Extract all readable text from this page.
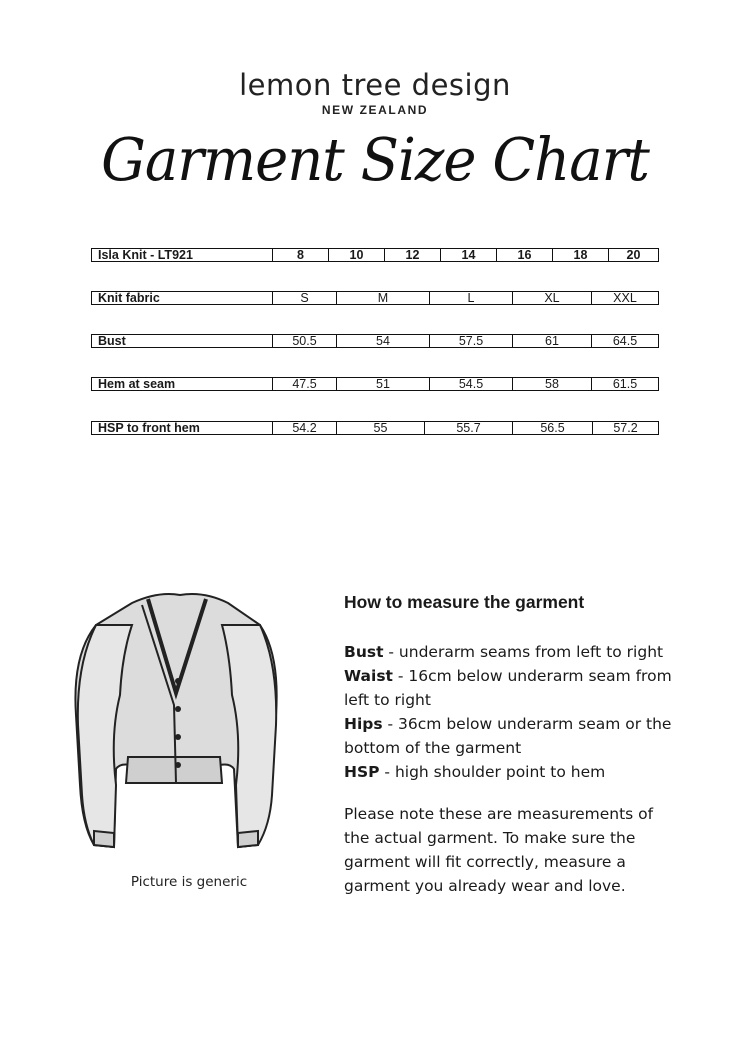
lemon tree design
NEW ZEALAND
Garment Size Chart
Isla Knit - LT921	8	10	12	14	16	18	20
Knit fabric	S	M	L	XL	XXL
Bust	50.5	54	57.5	61	64.5
Hem at seam	47.5	51	54.5	58	61.5
HSP to front hem	54.2	55	55.7	56.5	57.2
Picture is generic
How to measure the garment
Bust - underarm seams from left to right
Waist - 16cm below underarm seam from left to right
Hips - 36cm below underarm seam or the bottom of the garment
HSP - high shoulder point to hem
Please note these are measurements of the actual garment. To make sure the garment will fit correctly, measure a garment you already wear and love.
